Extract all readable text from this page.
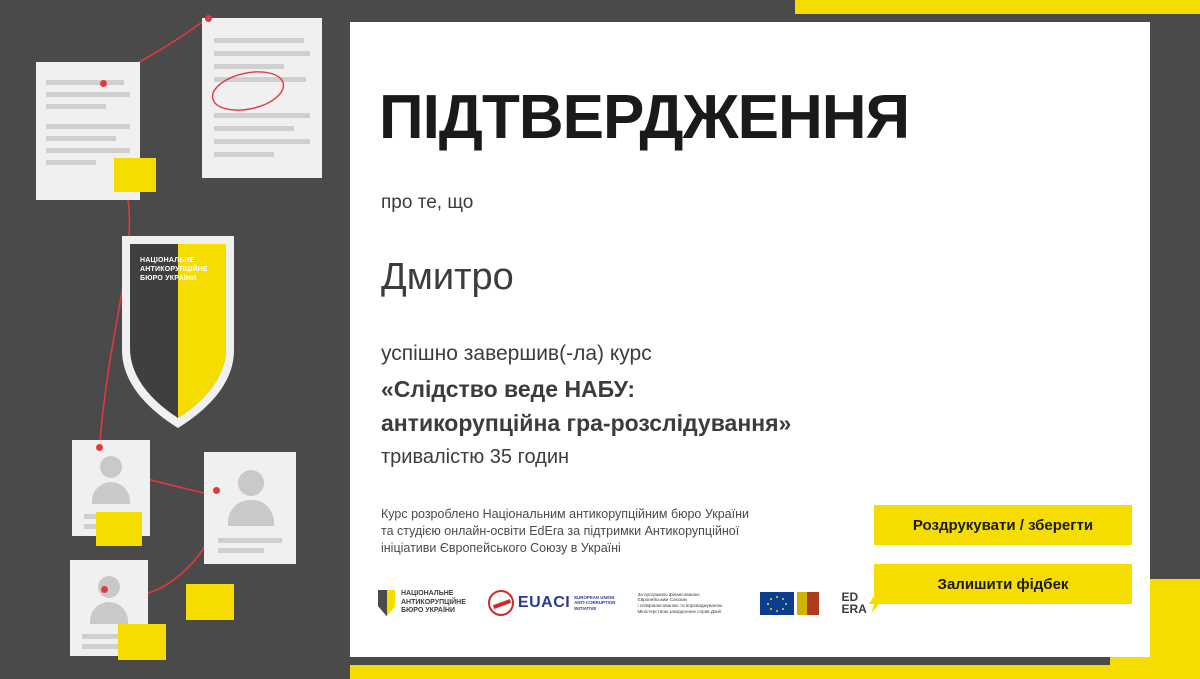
НАЦІОНАЛЬНЕ
АНТИКОРУПЦІЙНЕ
БЮРО УКРАЇНИ
ПІДТВЕРДЖЕННЯ
про те, що
Дмитро
успішно завершив(-ла) курс
«Слідство веде НАБУ:
антикорупційна гра-розслідування»
тривалістю 35 годин
Курс розроблено Національним антикорупційним бюро України
та студією онлайн-освіти EdEra за підтримки Антикорупційної
ініціативи Європейського Союзу в Україні
Роздрукувати / зберегти
Залишити фідбек
НАЦІОНАЛЬНЕ
АНТИКОРУПЦІЙНЕ
БЮРО УКРАЇНИ	EUACI EUROPEAN UNION
ANTI-CORRUPTION
INITIATIVE
За програмою фінансованою
Європейським Союзом
і співфінансованою та впроваджуваною
Міністерством закордонних справ Данії
ED
ERA
